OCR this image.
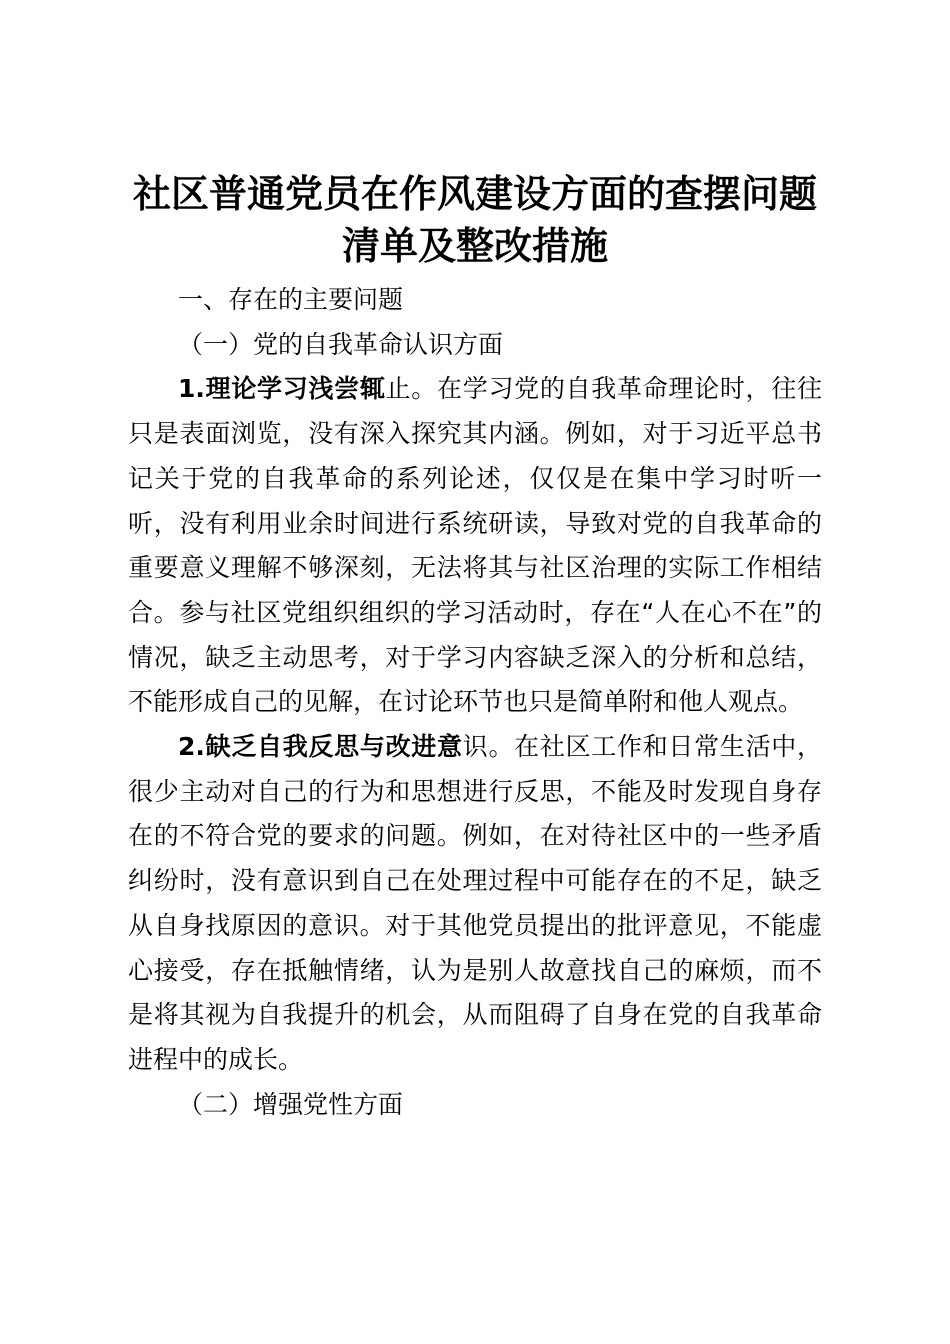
社区普通党员在作风建设方面的查摆问题清单及整改措施

一、存在的主要问题

（一）党的自我革命认识方面

1.理论学习浅尝辄止。在学习党的自我革命理论时，往往只是表面浏览，没有深入探究其内涵。例如，对于习近平总书记关于党的自我革命的系列论述，仅仅是在集中学习时听一听，没有利用业余时间进行系统研读，导致对党的自我革命的重要意义理解不够深刻，无法将其与社区治理的实际工作相结合。参与社区党组织组织的学习活动时，存在“人在心不在”的情况，缺乏主动思考，对于学习内容缺乏深入的分析和总结，不能形成自己的见解，在讨论环节也只是简单附和他人观点。

2.缺乏自我反思与改进意识。在社区工作和日常生活中，很少主动对自己的行为和思想进行反思，不能及时发现自身存在的不符合党的要求的问题。例如，在对待社区中的一些矛盾纠纷时，没有意识到自己在处理过程中可能存在的不足，缺乏从自身找原因的意识。对于其他党员提出的批评意见，不能虚心接受，存在抵触情绪，认为是别人故意找自己的麻烦，而不是将其视为自我提升的机会，从而阻碍了自身在党的自我革命进程中的成长。

（二）增强党性方面
